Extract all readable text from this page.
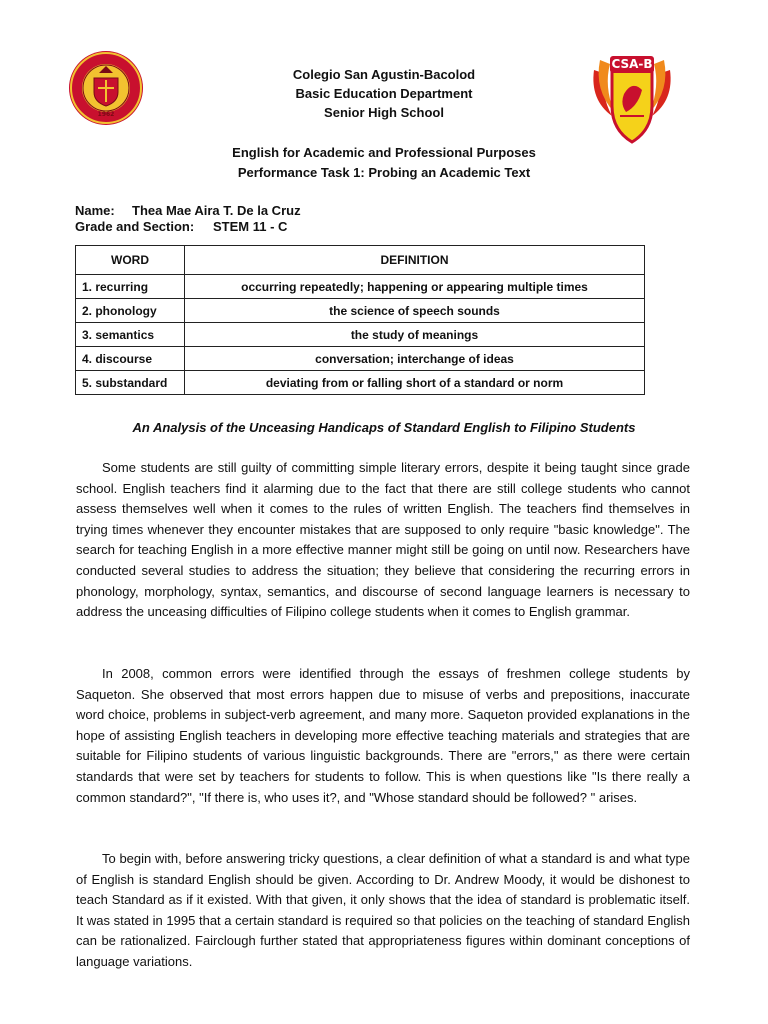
1962
CSA-B
Colegio San Agustin-Bacolod
Basic Education Department
Senior High School
English for Academic and Professional Purposes
Performance Task 1: Probing an Academic Text
Name: Thea Mae Aira T. De la Cruz
Grade and Section: STEM 11 - C
WORD	DEFINITION
1. recurring	occurring repeatedly; happening or appearing multiple times
2. phonology	the science of speech sounds
3. semantics	the study of meanings
4. discourse	conversation; interchange of ideas
5. substandard	deviating from or falling short of a standard or norm
An Analysis of the Unceasing Handicaps of Standard English to Filipino Students

Some students are still guilty of committing simple literary errors, despite it being taught since grade school. English teachers find it alarming due to the fact that there are still college students who cannot assess themselves well when it comes to the rules of written English. The teachers find themselves in trying times whenever they encounter mistakes that are supposed to only require "basic knowledge". The search for teaching English in a more effective manner might still be going on until now. Researchers have conducted several studies to address the situation; they believe that considering the recurring errors in phonology, morphology, syntax, semantics, and discourse of second language learners is necessary to address the unceasing difficulties of Filipino college students when it comes to English grammar.

In 2008, common errors were identified through the essays of freshmen college students by Saqueton. She observed that most errors happen due to misuse of verbs and prepositions, inaccurate word choice, problems in subject-verb agreement, and many more. Saqueton provided explanations in the hope of assisting English teachers in developing more effective teaching materials and strategies that are suitable for Filipino students of various linguistic backgrounds. There are "errors," as there were certain standards that were set by teachers for students to follow. This is when questions like "Is there really a common standard?", "If there is, who uses it?, and "Whose standard should be followed? " arises.

To begin with, before answering tricky questions, a clear definition of what a standard is and what type of English is standard English should be given. According to Dr. Andrew Moody, it would be dishonest to teach Standard as if it existed. With that given, it only shows that the idea of standard is problematic itself. It was stated in 1995 that a certain standard is required so that policies on the teaching of standard English can be rationalized. Fairclough further stated that appropriateness figures within dominant conceptions of language variations.
